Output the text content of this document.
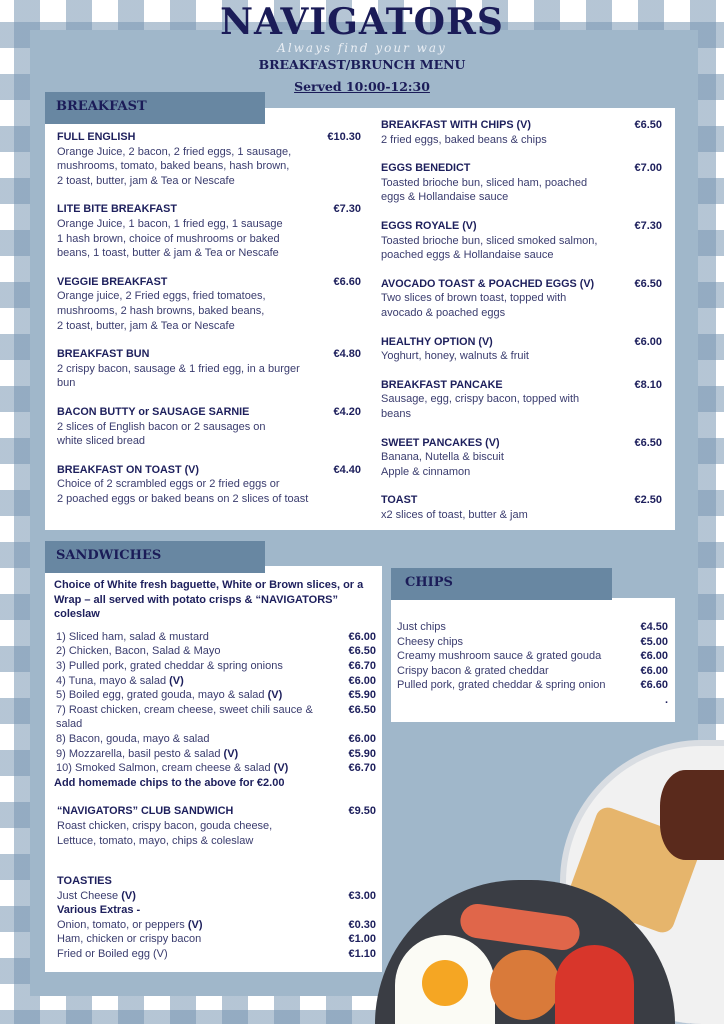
NAVIGATORS
Always find your way
BREAKFAST/BRUNCH MENU
Served 10:00-12:30
BREAKFAST
FULL ENGLISH	€10.30
Orange Juice, 2 bacon, 2 fried eggs, 1 sausage,
mushrooms, tomato, baked beans, hash brown,
2 toast, butter, jam & Tea or Nescafe
LITE BITE BREAKFAST	€7.30
Orange Juice, 1 bacon, 1 fried egg, 1 sausage
1 hash brown, choice of mushrooms or baked
beans, 1 toast, butter & jam & Tea or Nescafe
VEGGIE BREAKFAST	€6.60
Orange juice, 2 Fried eggs, fried tomatoes,
mushrooms, 2 hash browns, baked beans,
2 toast, butter, jam & Tea or Nescafe
BREAKFAST BUN	€4.80
2 crispy bacon, sausage & 1 fried egg, in a burger
bun
BACON BUTTY or SAUSAGE SARNIE	€4.20
2 slices of English bacon or 2 sausages on
white sliced bread
BREAKFAST ON TOAST (V)	€4.40
Choice of 2 scrambled eggs or 2 fried eggs or
2 poached eggs or baked beans on 2 slices of toast
BREAKFAST WITH CHIPS (V)	€6.50
2 fried eggs, baked beans & chips
EGGS BENEDICT	€7.00
Toasted brioche bun, sliced ham, poached
eggs & Hollandaise sauce
EGGS ROYALE (V)	€7.30
Toasted brioche bun, sliced smoked salmon,
poached eggs & Hollandaise sauce
AVOCADO TOAST & POACHED EGGS (V)	€6.50
Two slices of brown toast, topped with
avocado & poached eggs
HEALTHY OPTION (V)	€6.00
Yoghurt, honey, walnuts & fruit
BREAKFAST PANCAKE	€8.10
Sausage, egg, crispy bacon, topped with
beans
SWEET PANCAKES (V)	€6.50
Banana, Nutella & biscuit
Apple & cinnamon
TOAST	€2.50
x2 slices of toast, butter & jam
SANDWICHES
Choice of White fresh baguette, White or Brown slices, or a Wrap – all served with potato crisps & “NAVIGATORS” coleslaw
1) Sliced ham, salad & mustard	€6.00
2) Chicken, Bacon, Salad & Mayo	€6.50
3) Pulled pork, grated cheddar & spring onions	€6.70
4) Tuna, mayo & salad (V)	€6.00
5) Boiled egg, grated gouda, mayo & salad (V)	€5.90
7) Roast chicken, cream cheese, sweet chili sauce & salad
€6.50
8) Bacon, gouda, mayo & salad	€6.00
9) Mozzarella, basil pesto & salad (V)	€5.90
10) Smoked Salmon, cream cheese & salad (V)	€6.70
Add homemade chips to the above for €2.00
“NAVIGATORS” CLUB SANDWICH	€9.50
Roast chicken, crispy bacon, gouda cheese,
Lettuce, tomato, mayo, chips & coleslaw
TOASTIES
Just Cheese (V)	€3.00
Various Extras -
Onion, tomato, or peppers (V)	€0.30
Ham, chicken or crispy bacon	€1.00
Fried or Boiled egg (V)	€1.10
CHIPS
Just chips	€4.50
Cheesy chips	€5.00
Creamy mushroom sauce & grated gouda	€6.00
Crispy bacon & grated cheddar	€6.00
Pulled pork, grated cheddar & spring onion	€6.60
.
